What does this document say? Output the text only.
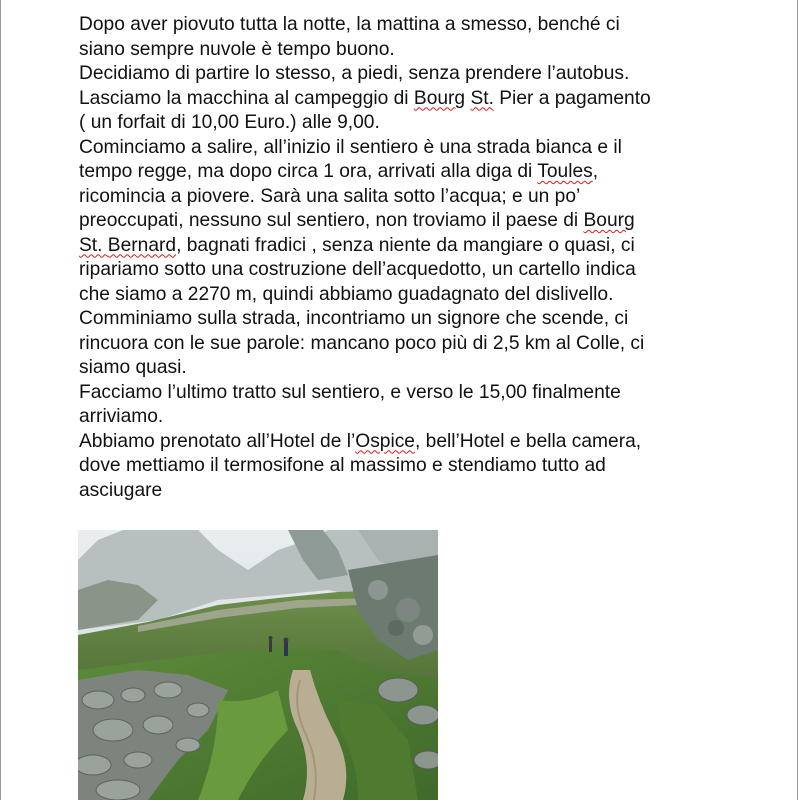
Dopo aver piovuto tutta la notte, la mattina a smesso, benché ci
siano sempre nuvole è tempo buono.
Decidiamo di partire lo stesso, a piedi, senza prendere l’autobus.
Lasciamo la macchina al campeggio di Bourg St. Pier a pagamento
( un forfait di 10,00 Euro.) alle 9,00.
Cominciamo a salire, all’inizio il sentiero è una strada bianca e il
tempo regge, ma dopo circa 1 ora, arrivati alla diga di Toules,
ricomincia a piovere. Sarà una salita sotto l’acqua; e un po’
preoccupati, nessuno sul sentiero, non troviamo il paese di Bourg
St. Bernard, bagnati fradici , senza niente da mangiare o quasi, ci
ripariamo sotto una costruzione dell’acquedotto, un cartello indica
che siamo a 2270 m, quindi abbiamo guadagnato del dislivello.
Comminiamo sulla strada, incontriamo un signore che scende, ci
rincuora con le sue parole: mancano poco più di 2,5 km al Colle, ci
siamo quasi.
Facciamo l’ultimo tratto sul sentiero, e verso le 15,00 finalmente
arriviamo.
Abbiamo prenotato all’Hotel de l’Ospice, bell’Hotel e bella camera,
dove mettiamo il termosifone al massimo e stendiamo tutto ad
asciugare
